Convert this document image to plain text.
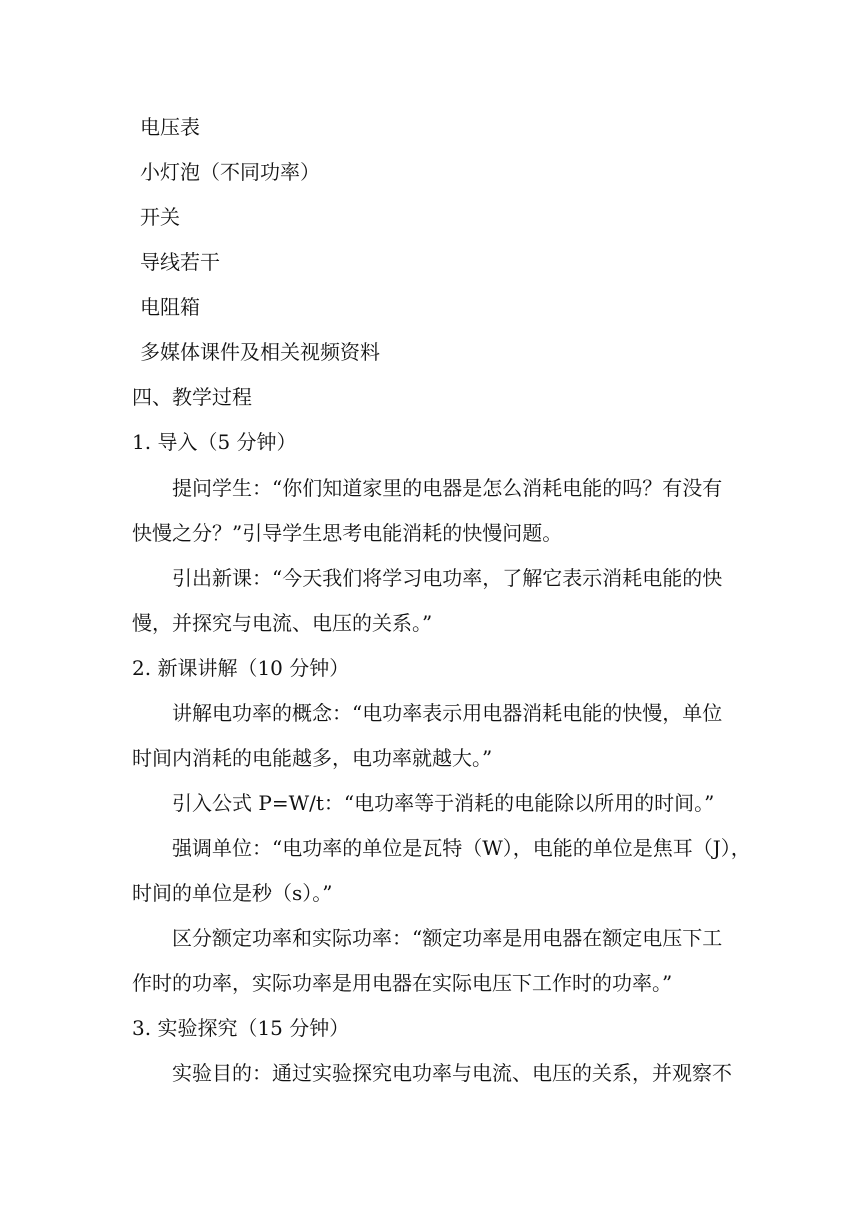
电压表
小灯泡（不同功率）
开关
导线若干
电阻箱
多媒体课件及相关视频资料
四、教学过程
1. 导入（5 分钟）
提问学生：“你们知道家里的电器是怎么消耗电能的吗？有没有
快慢之分？”引导学生思考电能消耗的快慢问题。
引出新课：“今天我们将学习电功率，了解它表示消耗电能的快
慢，并探究与电流、电压的关系。”
2. 新课讲解（10 分钟）
讲解电功率的概念：“电功率表示用电器消耗电能的快慢，单位
时间内消耗的电能越多，电功率就越大。”
引入公式 P=W/t：“电功率等于消耗的电能除以所用的时间。”
强调单位：“电功率的单位是瓦特（W），电能的单位是焦耳（J），
时间的单位是秒（s）。”
区分额定功率和实际功率：“额定功率是用电器在额定电压下工
作时的功率，实际功率是用电器在实际电压下工作时的功率。”
3. 实验探究（15 分钟）
实验目的：通过实验探究电功率与电流、电压的关系，并观察不
